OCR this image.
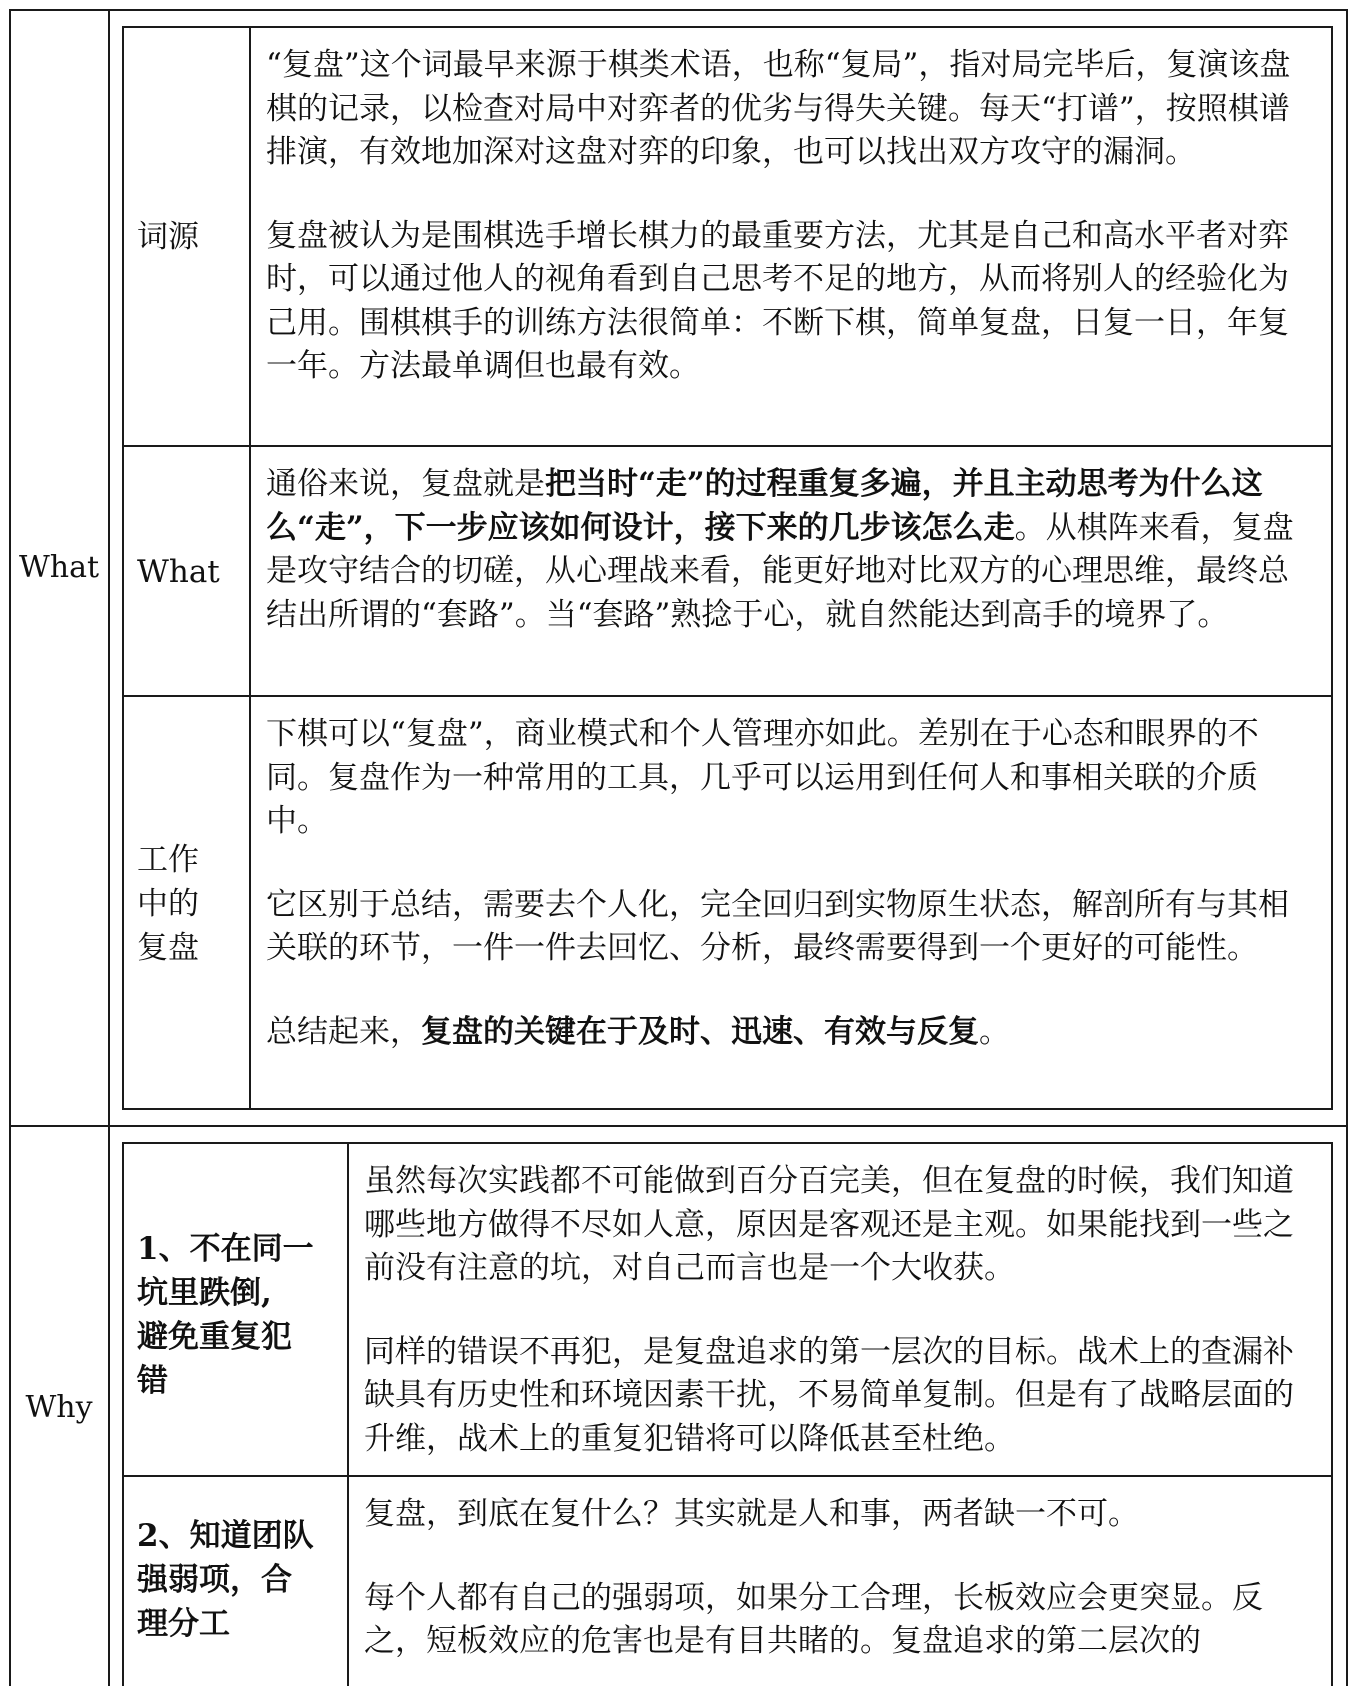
What
Why
词源

“复盘”这个词最早来源于棋类术语，也称“复局”，指对局完毕后，复演该盘棋的记录，以检查对局中对弈者的优劣与得失关键。每天“打谱”，按照棋谱排演，有效地加深对这盘对弈的印象，也可以找出双方攻守的漏洞。

复盘被认为是围棋选手增长棋力的最重要方法，尤其是自己和高水平者对弈时，可以通过他人的视角看到自己思考不足的地方，从而将别人的经验化为己用。围棋棋手的训练方法很简单：不断下棋，简单复盘，日复一日，年复一年。方法最单调但也最有效。

What

通俗来说，复盘就是把当时“走”的过程重复多遍，并且主动思考为什么这么“走”，下一步应该如何设计，接下来的几步该怎么走。从棋阵来看，复盘是攻守结合的切磋，从心理战来看，能更好地对比双方的心理思维，最终总结出所谓的“套路”。当“套路”熟捻于心，就自然能达到高手的境界了。

工作
中的
复盘

下棋可以“复盘”，商业模式和个人管理亦如此。差别在于心态和眼界的不同。复盘作为一种常用的工具，几乎可以运用到任何人和事相关联的介质中。

它区别于总结，需要去个人化，完全回归到实物原生状态，解剖所有与其相关联的环节，一件一件去回忆、分析，最终需要得到一个更好的可能性。

总结起来，复盘的关键在于及时、迅速、有效与反复。

1、不在同一
坑里跌倒,
避免重复犯
错

虽然每次实践都不可能做到百分百完美，但在复盘的时候，我们知道哪些地方做得不尽如人意，原因是客观还是主观。如果能找到一些之前没有注意的坑，对自己而言也是一个大收获。

同样的错误不再犯，是复盘追求的第一层次的目标。战术上的查漏补缺具有历史性和环境因素干扰，不易简单复制。但是有了战略层面的升维，战术上的重复犯错将可以降低甚至杜绝。

2、知道团队
强弱项，合
理分工

复盘，到底在复什么？其实就是人和事，两者缺一不可。

每个人都有自己的强弱项，如果分工合理，长板效应会更突显。反之，短板效应的危害也是有目共睹的。复盘追求的第二层次的
